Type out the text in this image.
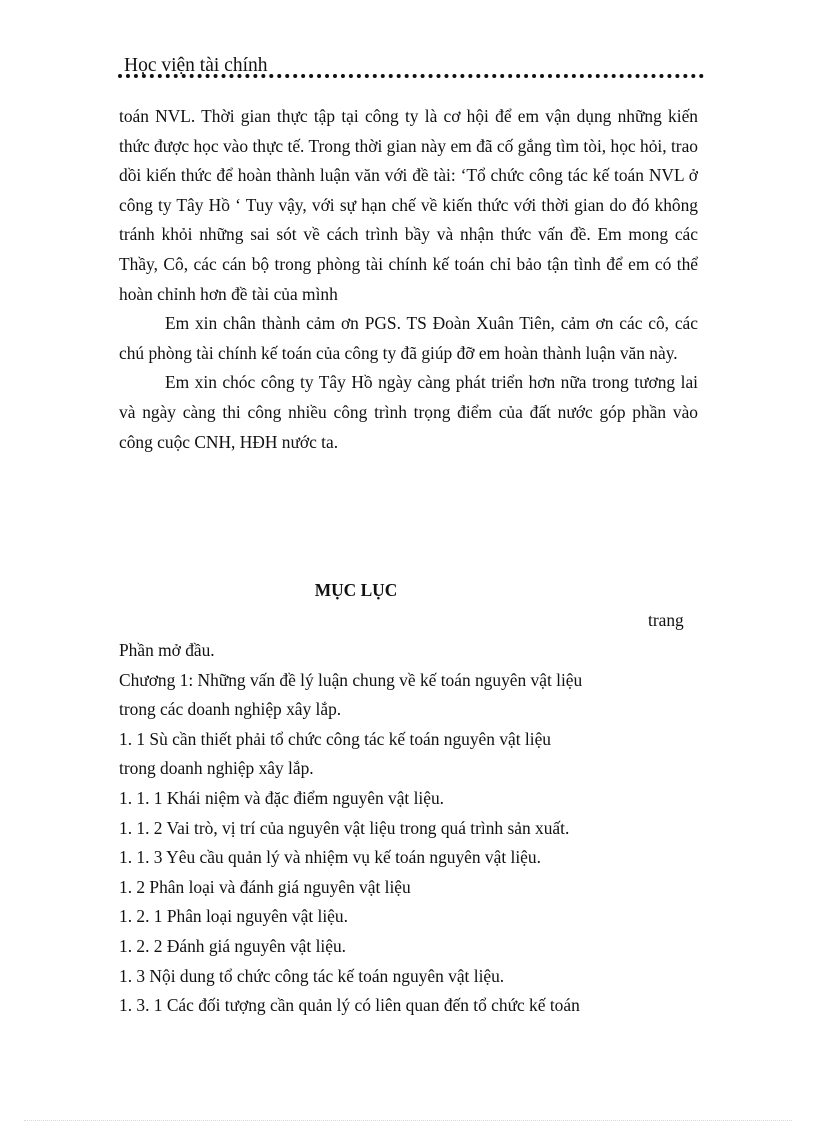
Học viện tài chính

toán NVL. Thời gian thực tập tại công ty là cơ hội để em vận dụng những kiến thức được học vào thực tế. Trong thời gian này em đã cố gắng tìm tòi, học hỏi, trao dồi kiến thức để hoàn thành luận văn với đề tài: ‘Tổ chức công tác kế toán NVL ở công ty Tây Hồ ‘ Tuy vậy, với sự hạn chế về kiến thức với thời gian do đó không tránh khỏi những sai sót về cách trình bầy và nhận thức vấn đề. Em mong các Thầy, Cô, các cán bộ trong phòng tài chính kế toán chỉ bảo tận tình để em có thể hoàn chỉnh hơn đề tài của mình

Em xin chân thành cảm ơn PGS. TS Đoàn Xuân Tiên, cảm ơn các cô, các chú phòng tài chính kế toán của công ty đã giúp đỡ em hoàn thành luận văn này.

Em xin chóc công ty Tây Hồ ngày càng phát triển hơn nữa trong tương lai và ngày càng thi công nhiều công trình trọng điểm của đất nước góp phần vào công cuộc CNH, HĐH nước ta.

MỤC LỤC
trang
Phần mở đầu.
Chương 1: Những vấn đề lý luận chung về kế toán nguyên vật liệu
trong các doanh nghiệp xây lắp.
1. 1 Sù cần thiết phải tổ chức công tác kế toán nguyên vật liệu
trong doanh nghiệp xây lắp.
1. 1. 1 Khái niệm và đặc điểm nguyên vật liệu.
1. 1. 2 Vai trò, vị trí của nguyên vật liệu trong quá trình sản xuất.
1. 1. 3 Yêu cầu quản lý và nhiệm vụ kế toán nguyên vật liệu.
1. 2 Phân loại và đánh giá nguyên vật liệu
1. 2. 1 Phân loại nguyên vật liệu.
1. 2. 2 Đánh giá nguyên vật liệu.
1. 3 Nội dung tổ chức công tác kế toán nguyên vật liệu.
1. 3. 1 Các đối tượng cần quản lý có liên quan đến tổ chức kế toán
